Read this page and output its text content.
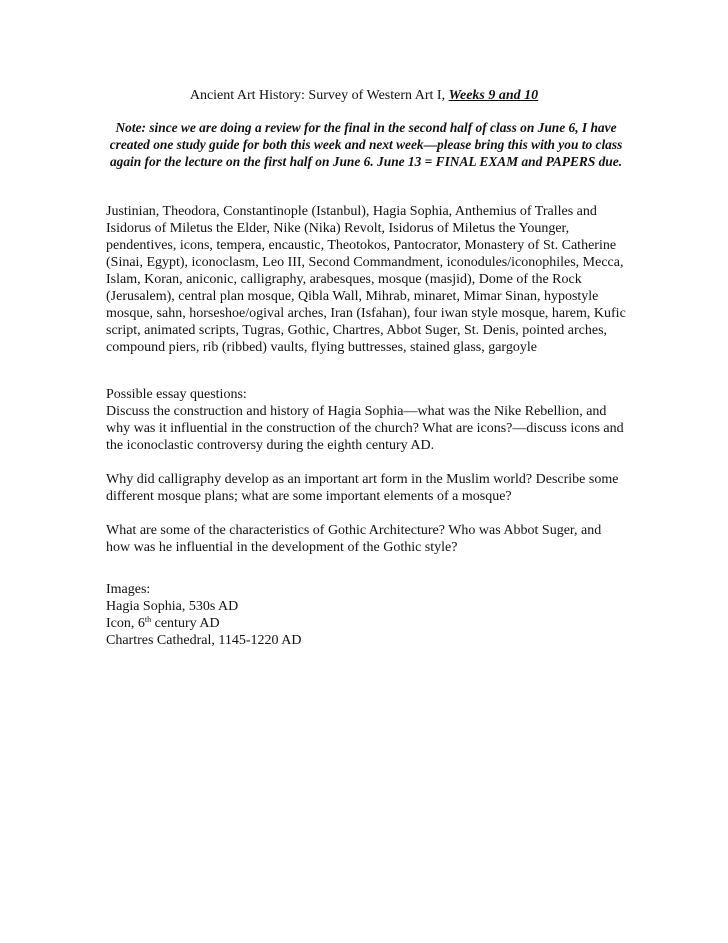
Ancient Art History: Survey of Western Art I, Weeks 9 and 10

Note: since we are doing a review for the final in the second half of class on June 6, I have created one study guide for both this week and next week—please bring this with you to class again for the lecture on the first half on June 6. June 13 = FINAL EXAM and PAPERS due.

Justinian, Theodora, Constantinople (Istanbul), Hagia Sophia, Anthemius of Tralles and Isidorus of Miletus the Elder, Nike (Nika) Revolt, Isidorus of Miletus the Younger, pendentives, icons, tempera, encaustic, Theotokos, Pantocrator, Monastery of St. Catherine (Sinai, Egypt), iconoclasm, Leo III, Second Commandment, iconodules/iconophiles, Mecca, Islam, Koran, aniconic, calligraphy, arabesques, mosque (masjid), Dome of the Rock (Jerusalem), central plan mosque, Qibla Wall, Mihrab, minaret, Mimar Sinan, hypostyle mosque, sahn, horseshoe/ogival arches, Iran (Isfahan), four iwan style mosque, harem, Kufic script, animated scripts, Tugras, Gothic, Chartres, Abbot Suger, St. Denis, pointed arches, compound piers, rib (ribbed) vaults, flying buttresses, stained glass, gargoyle

Possible essay questions:

Discuss the construction and history of Hagia Sophia—what was the Nike Rebellion, and why was it influential in the construction of the church? What are icons?—discuss icons and the iconoclastic controversy during the eighth century AD.

Why did calligraphy develop as an important art form in the Muslim world? Describe some different mosque plans; what are some important elements of a mosque?

What are some of the characteristics of Gothic Architecture? Who was Abbot Suger, and how was he influential in the development of the Gothic style?

Images:

Hagia Sophia, 530s AD

Icon, 6th century AD

Chartres Cathedral, 1145-1220 AD
